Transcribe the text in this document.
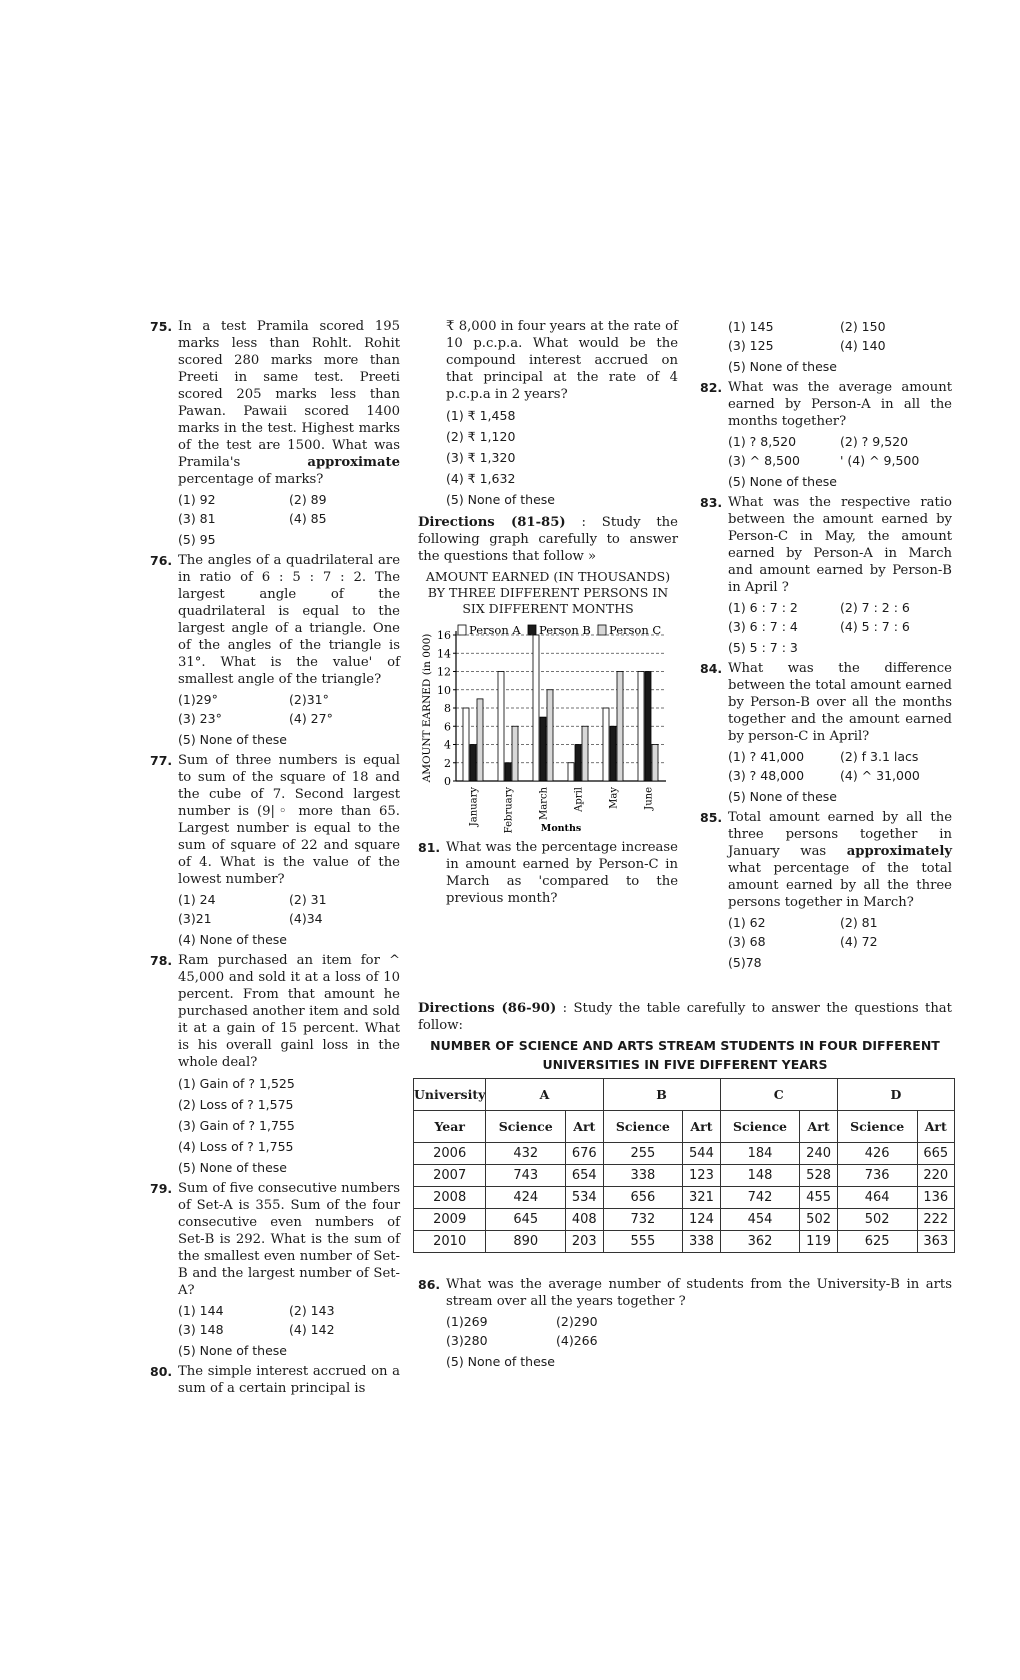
75. In a test Pramila scored 195 marks less than Rohlt. Rohit scored 280 marks more than Preeti in same test. Preeti scored 205 marks less than Pawan. Pawaii scored 1400 marks in the test. Highest marks of the test are 1500. What was Pramila's approximate percentage of marks?
(1) 92	(2) 89
(3) 81	(4) 85
(5) 95
76. The angles of a quadrilateral are in ratio of 6 : 5 : 7 : 2. The largest angle of the quadrilateral is equal to the largest angle of a triangle. One of the angles of the triangle is 31°. What is the value' of smallest angle of the triangle?
(1)29°	(2)31°
(3) 23°	(4) 27°
(5) None of these
77. Sum of three numbers is equal to sum of the square of 18 and the cube of 7. Second largest number is (9|◦ more than 65. Largest number is equal to the sum of square of 22 and square of 4. What is the value of the lowest number?
(1) 24	(2) 31
(3)21	(4)34
(4) None of these
78. Ram purchased an item for ^ 45,000 and sold it at a loss of 10 percent. From that amount he purchased another item and sold it at a gain of 15 percent. What is his overall gainl loss in the whole deal?
(1) Gain of ? 1,525
(2) Loss of ? 1,575
(3) Gain of ? 1,755
(4) Loss of ? 1,755
(5) None of these
79. Sum of five consecutive numbers of Set-A is 355. Sum of the four consecutive even numbers of Set-B is 292. What is the sum of the smallest even number of Set-B and the largest number of Set-A?
(1) 144	(2) 143
(3) 148	(4) 142
(5) None of these
80. The simple interest accrued on a sum of a certain principal is
₹ 8,000 in four years at the rate of 10 p.c.p.a. What would be the compound interest accrued on that principal at the rate of 4 p.c.p.a in 2 years?
(1) ₹ 1,458
(2) ₹ 1,120
(3) ₹ 1,320
(4) ₹ 1,632
(5) None of these
Directions (81-85) : Study the following graph carefully to answer the questions that follow »
AMOUNT EARNED (IN THOUSANDS) BY THREE DIFFERENT PERSONS IN SIX DIFFERENT MONTHS
Person A Person B Person C
0
2
4
6
8
10
12
14
16
AMOUNT EARNED (in 000)
January February March April May June
Months
81. What was the percentage increase in amount earned by Person-C in March as 'compared to the previous month?
(1) 145	(2) 150
(3) 125	(4) 140
(5) None of these
82. What was the average amount earned by Person-A in all the months together?
(1) ? 8,520	(2) ? 9,520
(3) ^ 8,500	' (4) ^ 9,500
(5) None of these
83. What was the respective ratio between the amount earned by Person-C in May, the amount earned by Person-A in March and amount earned by Person-B in April ?
(1) 6 : 7 : 2	(2) 7 : 2 : 6
(3) 6 : 7 : 4	(4) 5 : 7 : 6
(5) 5 : 7 : 3
84. What was the difference between the total amount earned by Person-B over all the months together and the amount earned by person-C in April?
(1) ? 41,000	(2) f 3.1 lacs
(3) ? 48,000	(4) ^ 31,000
(5) None of these
85. Total amount earned by all the three persons together in January was approximately what percentage of the total amount earned by all the three persons together in March?
(1) 62	(2) 81
(3) 68	(4) 72
(5)78
Directions (86-90) : Study the table carefully to answer the questions that follow:
NUMBER OF SCIENCE AND ARTS STREAM STUDENTS IN FOUR DIFFERENT UNIVERSITIES IN FIVE DIFFERENT YEARS
University	A		B		C		D	
Year	Science	Art	Science	Art	Science	Art	Science	Art
2006	432	676	255	544	184	240	426	665
2007	743	654	338	123	148	528	736	220
2008	424	534	656	321	742	455	464	136
2009	645	408	732	124	454	502	502	222
2010	890	203	555	338	362	119	625	363
86. What was the average number of students from the University-B in arts stream over all the years together ?
(1)269	(2)290
(3)280	(4)266
(5) None of these
